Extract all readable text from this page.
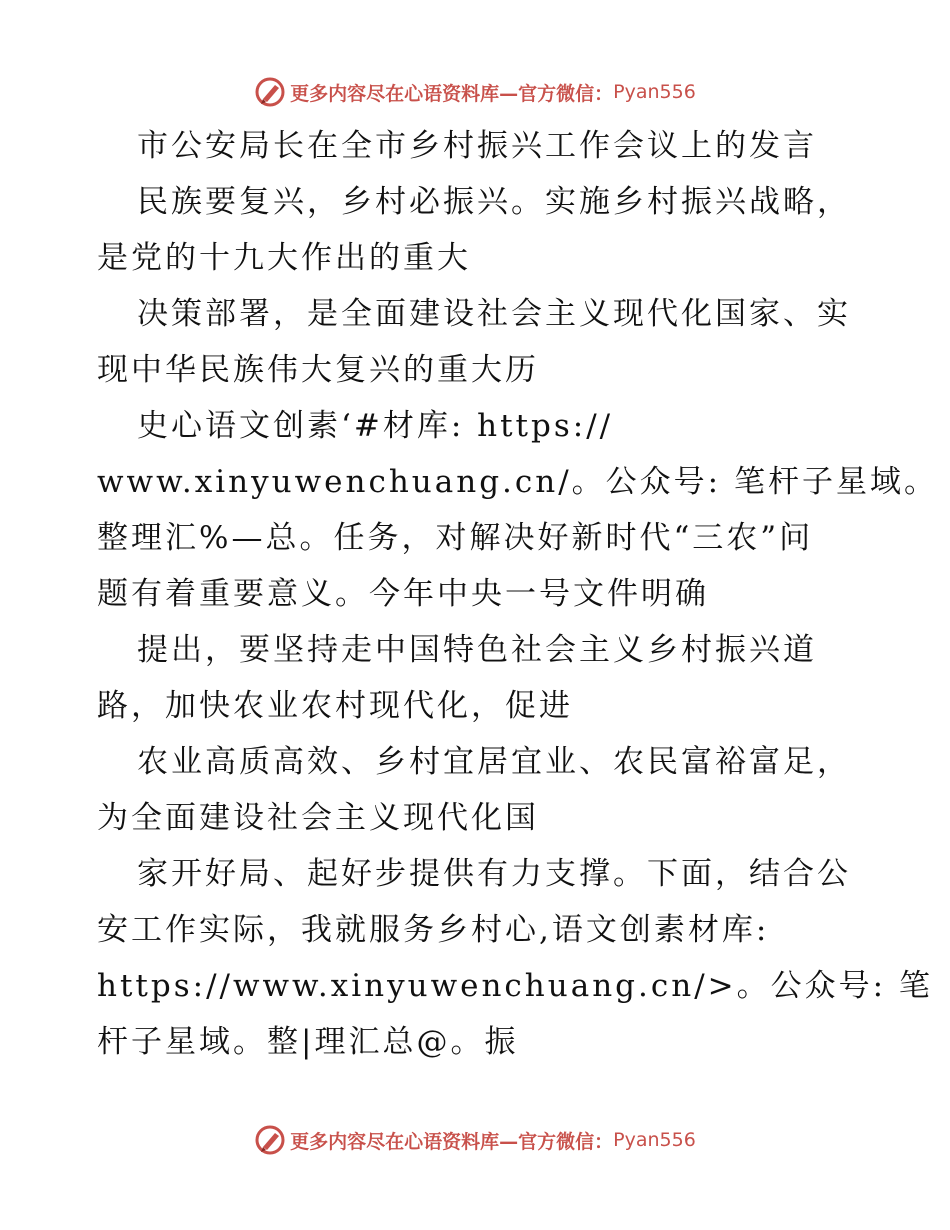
更多内容尽在心语资料库—官方微信： Pyan556
市公安局长在全市乡村振兴工作会议上的发言
民族要复兴，乡村必振兴。实施乡村振兴战略，
是党的十九大作出的重大
决策部署，是全面建设社会主义现代化国家、实
现中华民族伟大复兴的重大历
史心语文创素‘#材库: https://
www.xinyuwenchuang.cn/。公众号: 笔杆子星域。
整理汇%—总。任务，对解决好新时代“三农”问
题有着重要意义。今年中央一号文件明确
提出，要坚持走中国特色社会主义乡村振兴道
路，加快农业农村现代化，促进
农业高质高效、乡村宜居宜业、农民富裕富足，
为全面建设社会主义现代化国
家开好局、起好步提供有力支撑。下面，结合公
安工作实际，我就服务乡村心,语文创素材库:
https://www.xinyuwenchuang.cn/>。公众号: 笔
杆子星域。整|理汇总@。振
更多内容尽在心语资料库—官方微信： Pyan556
